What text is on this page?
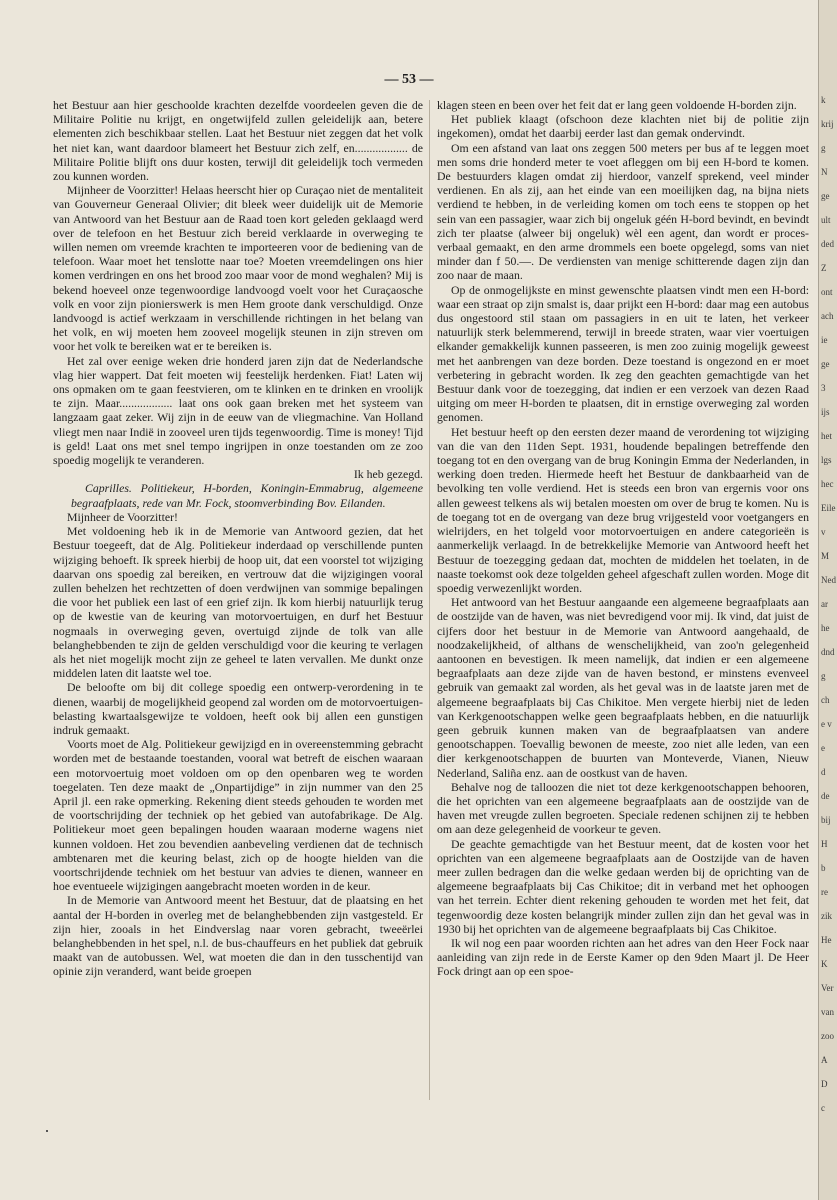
— 53 —

het Bestuur aan hier geschoolde krachten dezelfde voordeelen geven die de Militaire Politie nu krijgt, en ongetwijfeld zullen geleidelijk aan, betere elementen zich beschikbaar stellen. Laat het Bestuur niet zeggen dat het volk het niet kan, want daardoor blameert het Bestuur zich zelf, en.................. de Militaire Politie blijft ons duur kosten, terwijl dit geleidelijk toch vermeden zou kunnen worden.

Mijnheer de Voorzitter! Helaas heerscht hier op Curaçao niet de mentaliteit van Gouverneur Generaal Olivier; dit bleek weer duidelijk uit de Memorie van Antwoord van het Bestuur aan de Raad toen kort geleden geklaagd werd over de telefoon en het Bestuur zich bereid verklaarde in overweging te willen nemen om vreemde krachten te importeeren voor de bediening van de telefoon. Waar moet het tenslotte naar toe? Moeten vreemdelingen ons hier komen verdringen en ons het brood zoo maar voor de mond weghalen? Mij is bekend hoeveel onze tegenwoordige landvoogd voelt voor het Curaçaosche volk en voor zijn pionierswerk is men Hem groote dank verschuldigd. Onze landvoogd is actief werkzaam in verschillende richtingen in het belang van het volk, en wij moeten hem zooveel mogelijk steunen in zijn streven om voor het volk te bereiken wat er te bereiken is.

Het zal over eenige weken drie honderd jaren zijn dat de Nederlandsche vlag hier wappert. Dat feit moeten wij feestelijk herdenken. Fiat! Laten wij ons opmaken om te gaan feestvieren, om te klinken en te drinken en vroolijk te zijn. Maar.................. laat ons ook gaan breken met het systeem van langzaam gaat zeker. Wij zijn in de eeuw van de vliegmachine. Van Holland vliegt men naar Indië in zooveel uren tijds tegenwoordig. Time is money! Tijd is geld! Laat ons met snel tempo ingrijpen in onze toestanden om ze zoo spoedig mogelijk te veranderen.

Ik heb gezegd.

Caprilles. Politiekeur, H-borden, Koningin-Emmabrug, algemeene begraafplaats, rede van Mr. Fock, stoomverbinding Bov. Eilanden.

Mijnheer de Voorzitter!

Met voldoening heb ik in de Memorie van Antwoord gezien, dat het Bestuur toegeeft, dat de Alg. Politiekeur inderdaad op verschillende punten wijziging behoeft. Ik spreek hierbij de hoop uit, dat een voorstel tot wijziging daarvan ons spoedig zal bereiken, en vertrouw dat die wijzigingen vooral zullen behelzen het rechtzetten of doen verdwijnen van sommige bepalingen die voor het publiek een last of een grief zijn. Ik kom hierbij natuurlijk terug op de kwestie van de keuring van motorvoertuigen, en durf het Bestuur nogmaals in overweging geven, overtuigd zijnde de tolk van alle belanghebbenden te zijn de gelden verschuldigd voor die keuring te verlagen als het niet mogelijk mocht zijn ze geheel te laten vervallen. Me dunkt onze middelen laten dit laatste wel toe.

De beloofte om bij dit college spoedig een ontwerp-verordening in te dienen, waarbij de mogelijkheid geopend zal worden om de motorvoertuigen-belasting kwartaalsgewijze te voldoen, heeft ook bij allen een gunstigen indruk gemaakt.

Voorts moet de Alg. Politiekeur gewijzigd en in overeenstemming gebracht worden met de bestaande toestanden, vooral wat betreft de eischen waaraan een motorvoertuig moet voldoen om op den openbaren weg te worden toegelaten. Ten deze maakt de „Onpartijdige” in zijn nummer van den 25 April jl. een rake opmerking. Rekening dient steeds gehouden te worden met de voortschrijding der techniek op het gebied van autofabrikage. De Alg. Politiekeur moet geen bepalingen houden waaraan moderne wagens niet kunnen voldoen. Het zou bevendien aanbeveling verdienen dat de technisch ambtenaren met die keuring belast, zich op de hoogte hielden van die voortschrijdende techniek om het bestuur van advies te dienen, wanneer en hoe eventueele wijzigingen aangebracht moeten worden in de keur.

In de Memorie van Antwoord meent het Bestuur, dat de plaatsing en het aantal der H-borden in overleg met de belanghebbenden zijn vastgesteld. Er zijn hier, zooals in het Eindverslag naar voren gebracht, tweeërlei belanghebbenden in het spel, n.l. de bus-chauffeurs en het publiek dat gebruik maakt van de autobussen. Wel, wat moeten die dan in den tusschentijd van opinie zijn veranderd, want beide groepen

klagen steen en been over het feit dat er lang geen voldoende H-borden zijn.

Het publiek klaagt (ofschoon deze klachten niet bij de politie zijn ingekomen), omdat het daarbij eerder last dan gemak ondervindt.

Om een afstand van laat ons zeggen 500 meters per bus af te leggen moet men soms drie honderd meter te voet afleggen om bij een H-bord te komen. De bestuurders klagen omdat zij hierdoor, vanzelf sprekend, veel minder verdienen. En als zij, aan het einde van een moeilijken dag, na bijna niets verdiend te hebben, in de verleiding komen om toch eens te stoppen op het sein van een passagier, waar zich bij ongeluk géén H-bord bevindt, en bevindt zich ter plaatse (alweer bij ongeluk) wèl een agent, dan wordt er proces-verbaal gemaakt, en den arme drommels een boete opgelegd, soms van niet minder dan f 50.—. De verdiensten van menige schitterende dagen zijn dan zoo naar de maan.

Op de onmogelijkste en minst gewenschte plaatsen vindt men een H-bord: waar een straat op zijn smalst is, daar prijkt een H-bord: daar mag een autobus dus ongestoord stil staan om passagiers in en uit te laten, het verkeer natuurlijk sterk belemmerend, terwijl in breede straten, waar vier voertuigen elkander gemakkelijk kunnen passeeren, is men zoo zuinig mogelijk geweest met het aanbrengen van deze borden. Deze toestand is ongezond en er moet verbetering in gebracht worden. Ik zeg den geachten gemachtigde van het Bestuur dank voor de toezegging, dat indien er een verzoek van dezen Raad uitging om meer H-borden te plaatsen, dit in ernstige overweging zal worden genomen.

Het bestuur heeft op den eersten dezer maand de verordening tot wijziging van die van den 11den Sept. 1931, houdende bepalingen betreffende den toegang tot en den overgang van de brug Koningin Emma der Nederlanden, in werking doen treden. Hiermede heeft het Bestuur de dankbaarheid van de bevolking ten volle verdiend. Het is steeds een bron van ergernis voor ons allen geweest telkens als wij betalen moesten om over de brug te komen. Nu is de toegang tot en de overgang van deze brug vrijgesteld voor voetgangers en wielrijders, en het tolgeld voor motorvoertuigen en andere categorieën is aanmerkelijk verlaagd. In de betrekkelijke Memorie van Antwoord heeft het Bestuur de toezegging gedaan dat, mochten de middelen het toelaten, in de naaste toekomst ook deze tolgelden geheel afgeschaft zullen worden. Moge dit spoedig verwezenlijkt worden.

Het antwoord van het Bestuur aangaande een algemeene begraafplaats aan de oostzijde van de haven, was niet bevredigend voor mij. Ik vind, dat juist de cijfers door het bestuur in de Memorie van Antwoord aangehaald, de noodzakelijkheid, of althans de wenschelijkheid, van zoo'n gelegenheid aantoonen en bevestigen. Ik meen namelijk, dat indien er een algemeene begraafplaats aan deze zijde van de haven bestond, er minstens evenveel gebruik van gemaakt zal worden, als het geval was in de laatste jaren met de algemeene begraafplaats bij Cas Chikitoe. Men vergete hierbij niet de leden van Kerkgenootschappen welke geen begraafplaats hebben, en die natuurlijk geen gebruik kunnen maken van de begraafplaatsen van andere genootschappen. Toevallig bewonen de meeste, zoo niet alle leden, van een dier kerkgenootschappen de buurten van Monteverde, Vianen, Nieuw Nederland, Saliña enz. aan de oostkust van de haven.

Behalve nog de talloozen die niet tot deze kerkgenootschappen behooren, die het oprichten van een algemeene begraafplaats aan de oostzijde van de haven met vreugde zullen begroeten. Speciale redenen schijnen zij te hebben om aan deze gelegenheid de voorkeur te geven.

De geachte gemachtigde van het Bestuur meent, dat de kosten voor het oprichten van een algemeene begraafplaats aan de Oostzijde van de haven meer zullen bedragen dan die welke gedaan werden bij de oprichting van de algemeene begraafplaats bij Cas Chikitoe; dit in verband met het ophoogen van het terrein. Echter dient rekening gehouden te worden met het feit, dat tegenwoordig deze kosten belangrijk minder zullen zijn dan het geval was in 1930 bij het oprichten van de algemeene begraafplaats bij Cas Chikitoe.

Ik wil nog een paar woorden richten aan het adres van den Heer Fock naar aanleiding van zijn rede in de Eerste Kamer op den 9den Maart jl. De Heer Fock dringt aan op een spoe-

k
krij
g
N
ge
ult
ded
Z
ont
ach
ie
ge
3
ijs
het
lgs
hec
Eile
v
M
Ned
ar
he
dnd
g
ch
e v
e
d
de
bij
H
b
re
zik
He
K
Ver
van
zoo
A
D
c
